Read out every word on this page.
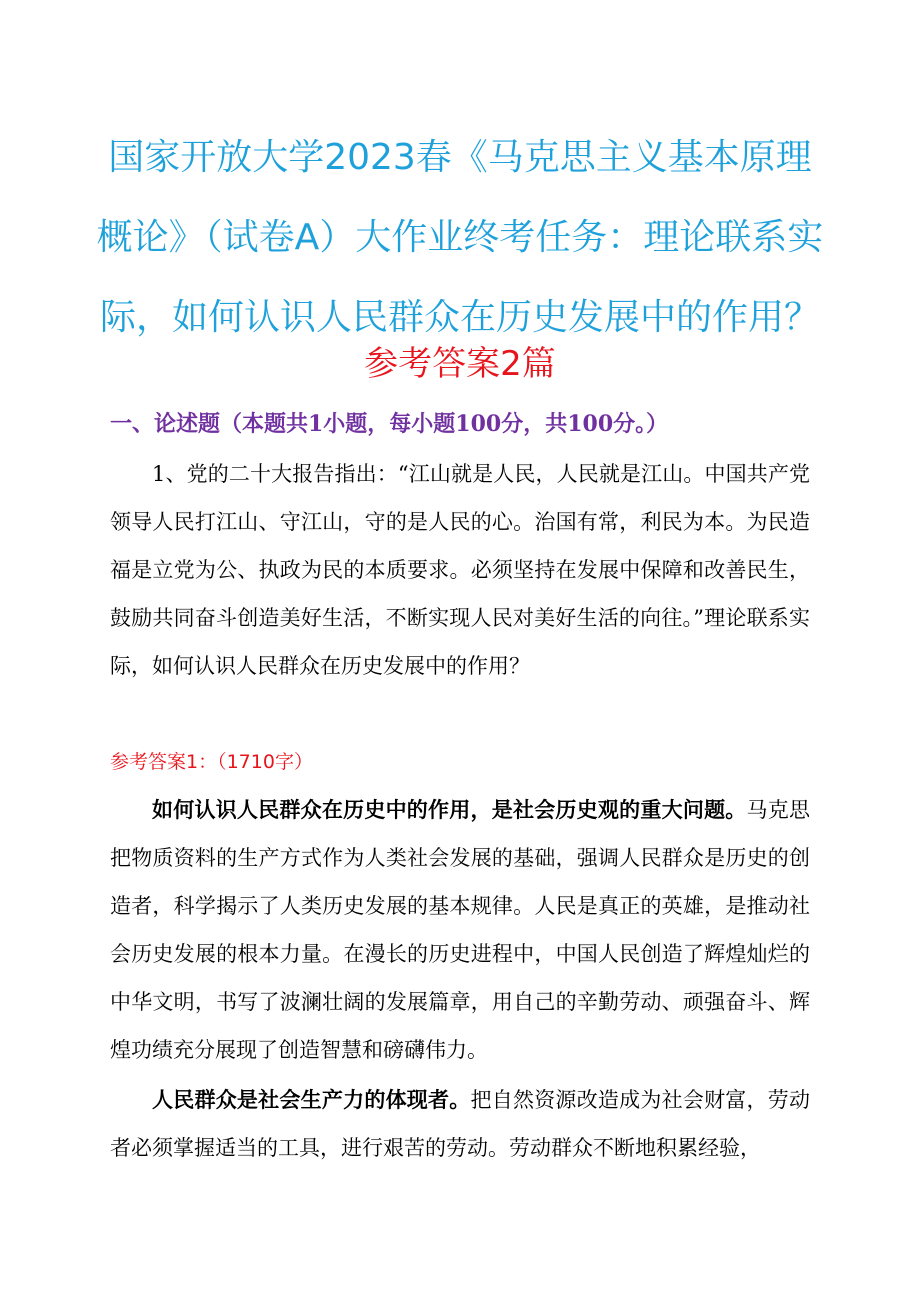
国家开放大学2023春《马克思主义基本原理概论》（试卷A）大作业终考任务：理论联系实际，如何认识人民群众在历史发展中的作用？
参考答案2篇
一、论述题（本题共1小题，每小题100分，共100分。）

1、党的二十大报告指出：“江山就是人民，人民就是江山。中国共产党领导人民打江山、守江山，守的是人民的心。治国有常，利民为本。为民造福是立党为公、执政为民的本质要求。必须坚持在发展中保障和改善民生，鼓励共同奋斗创造美好生活，不断实现人民对美好生活的向往。”理论联系实际，如何认识人民群众在历史发展中的作用？

参考答案1：（1710字）

如何认识人民群众在历史中的作用，是社会历史观的重大问题。马克思把物质资料的生产方式作为人类社会发展的基础，强调人民群众是历史的创造者，科学揭示了人类历史发展的基本规律。人民是真正的英雄，是推动社会历史发展的根本力量。在漫长的历史进程中，中国人民创造了辉煌灿烂的中华文明，书写了波澜壮阔的发展篇章，用自己的辛勤劳动、顽强奋斗、辉煌功绩充分展现了创造智慧和磅礴伟力。

人民群众是社会生产力的体现者。把自然资源改造成为社会财富，劳动者必须掌握适当的工具，进行艰苦的劳动。劳动群众不断地积累经验，
